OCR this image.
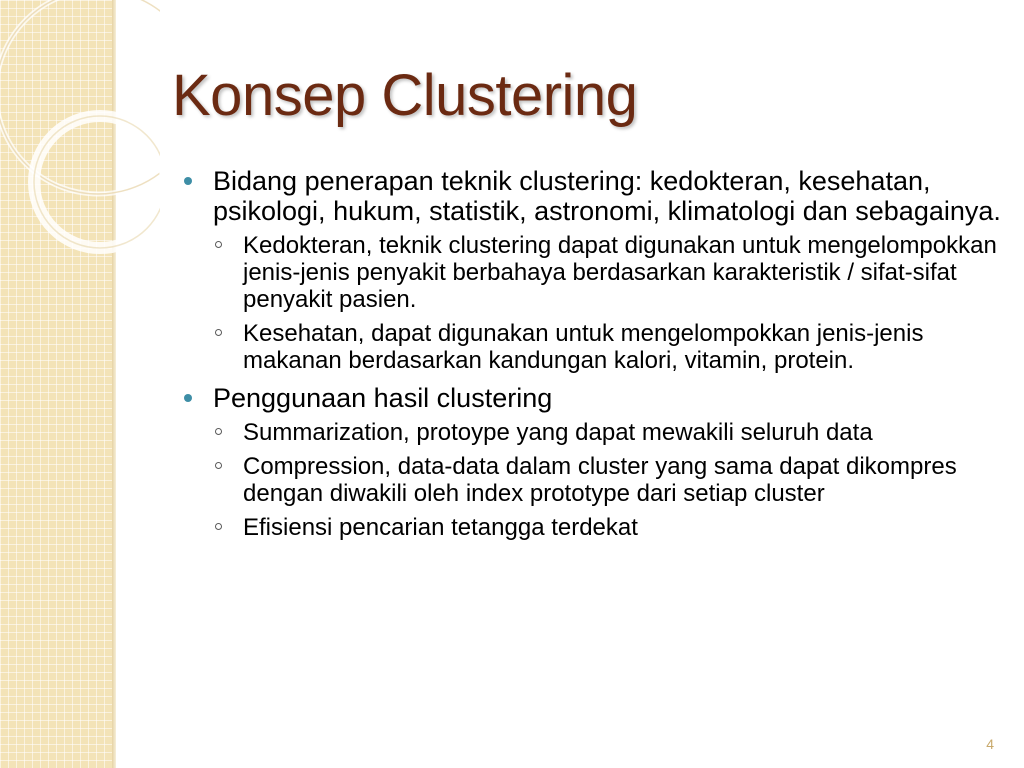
Konsep Clustering
Bidang penerapan teknik clustering: kedokteran, kesehatan, psikologi, hukum, statistik, astronomi, klimatologi dan sebagainya.
Kedokteran, teknik clustering dapat digunakan untuk mengelompokkan jenis-jenis penyakit berbahaya berdasarkan karakteristik / sifat-sifat penyakit pasien.
Kesehatan, dapat digunakan untuk mengelompokkan jenis-jenis makanan berdasarkan kandungan kalori, vitamin, protein.
Penggunaan hasil clustering
Summarization, protoype yang dapat mewakili seluruh data
Compression, data-data dalam cluster yang sama dapat dikompres dengan diwakili oleh index prototype dari setiap cluster
Efisiensi pencarian tetangga terdekat
4
